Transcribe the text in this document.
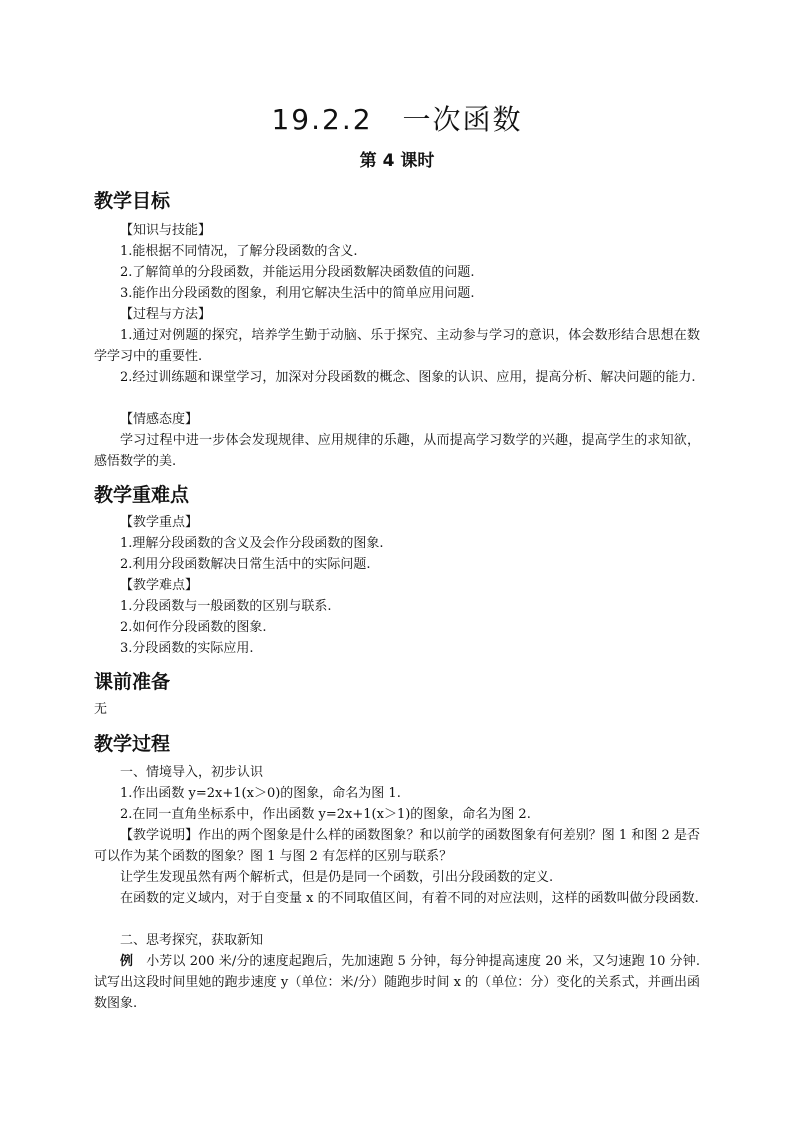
19.2.2　一次函数
第 4 课时
教学目标
【知识与技能】
1.能根据不同情况，了解分段函数的含义.
2.了解简单的分段函数，并能运用分段函数解决函数值的问题.
3.能作出分段函数的图象，利用它解决生活中的简单应用问题.
【过程与方法】
1.通过对例题的探究，培养学生勤于动脑、乐于探究、主动参与学习的意识，体会数形结合思想在数学学习中的重要性.
2.经过训练题和课堂学习，加深对分段函数的概念、图象的认识、应用，提高分析、解决问题的能力.
【情感态度】
学习过程中进一步体会发现规律、应用规律的乐趣，从而提高学习数学的兴趣，提高学生的求知欲，感悟数学的美.
教学重难点
【教学重点】
1.理解分段函数的含义及会作分段函数的图象.
2.利用分段函数解决日常生活中的实际问题.
【教学难点】
1.分段函数与一般函数的区别与联系.
2.如何作分段函数的图象.
3.分段函数的实际应用.
课前准备
无
教学过程
一、情境导入，初步认识
1.作出函数 y=2x+1(x＞0)的图象，命名为图 1.
2.在同一直角坐标系中，作出函数 y=2x+1(x＞1)的图象，命名为图 2.
【教学说明】作出的两个图象是什么样的函数图象？和以前学的函数图象有何差别？图 1 和图 2 是否可以作为某个函数的图象？图 1 与图 2 有怎样的区别与联系？
让学生发现虽然有两个解析式，但是仍是同一个函数，引出分段函数的定义.
在函数的定义域内，对于自变量 x 的不同取值区间，有着不同的对应法则，这样的函数叫做分段函数.
二、思考探究，获取新知
例　小芳以 200 米/分的速度起跑后，先加速跑 5 分钟，每分钟提高速度 20 米，又匀速跑 10 分钟. 试写出这段时间里她的跑步速度 y（单位：米/分）随跑步时间 x 的（单位：分）变化的关系式，并画出函数图象.
